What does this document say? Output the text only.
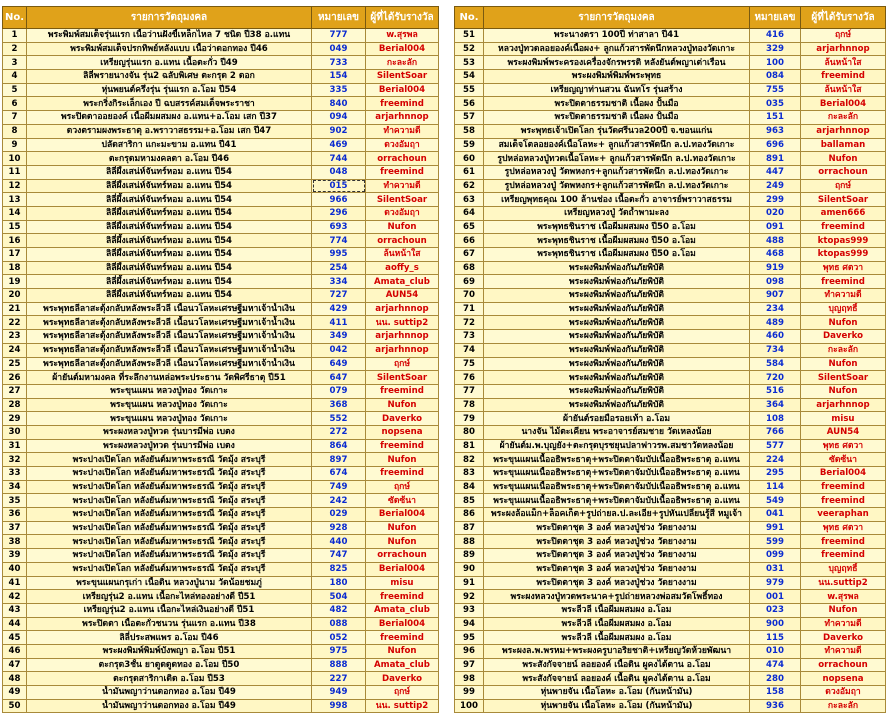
No.	รายการวัตถุมงคล	หมายเลข	ผู้ที่ได้รับรางวัล
1	พระพิมพ์สมเด็จรุ่นแรก เนื้อว่านฝังขี้เหล็กไหล 7 ชนิด ปี38 อ.แทน	777	w.สุรพล
2	พระพิมพ์สมเด็จปรกทิพย์หลังแบบ เนื้อว่าดอกทอง ปี46	049	Berial004
3	เหรียญรุ่นแรก อ.แทน เนื้อตะกั่ว ปี49	733	กะละลัก
4	ลิลี่พรายนางจัน รุ่น2 ฉลับพิเศษ ตะกรุด 2 ดอก	154	SilentSoar
5	หุ่นพยนต์ครึ่งรุ่น รุ่นแรก อ.โอม ปี54	335	Berial004
6	พระกริ่งกิระเล็กเอง ปี ฉบสรรค์สมเด็จพระราชา	840	freemind
7	พระปิดตาออยองค์ เนื้อผีมผสมผง อ.แทน+อ.โอม เสก ปี37	094	arjarhnnop
8	ดวงตรามผงพระธาตุ อ.พราวาสธรรม+อ.โอม เสก ปี47	902	ทำความดี
9	ปลัดสาริกา แกะมะขาม อ.แทน ปี41	469	ดวงอัมฤา
10	ตะกรุดมหามงคลตา อ.โอม ปี46	744	orrachoun
11	ลิลี่ผึ้งเสน่ห์จันทร์หอม อ.แทน ปี54	048	freemind
12	ลิลี่ผึ้งเสน่ห์จันทร์หอม อ.แทน ปี54	015	ทำความดี
13	ลิลี่ผึ้งเสน่ห์จันทร์หอม อ.แทน ปี54	966	SilentSoar
14	ลิลี่ผึ้งเสน่ห์จันทร์หอม อ.แทน ปี54	296	ดวงอัมฤา
15	ลิลี่ผึ้งเสน่ห์จันทร์หอม อ.แทน ปี54	693	Nufon
16	ลิลี่ผึ้งเสน่ห์จันทร์หอม อ.แทน ปี54	774	orrachoun
17	ลิลี่ผึ้งเสน่ห์จันทร์หอม อ.แทน ปี54	995	ล้นหน้าใส
18	ลิลี่ผึ้งเสน่ห์จันทร์หอม อ.แทน ปี54	254	aoffy_s
19	ลิลี่ผึ้งเสน่ห์จันทร์หอม อ.แทน ปี54	334	Amata_club
20	ลิลี่ผึ้งเสน่ห์จันทร์หอม อ.แทน ปี54	727	AUN54
21	พระพุทธลีลาสะดุ้งกลับหลังพระลีวลี เนื้อนวโลหะเศรษฐีมหาเจ้าน้ำเงิน	429	arjarhnnop
22	พระพุทธลีลาสะดุ้งกลับหลังพระลีวลี เนื้อนวโลหะเศรษฐีมหาเจ้าน้ำเงิน	411	นน. suttip2
23	พระพุทธลีลาสะดุ้งกลับหลังพระลีวลี เนื้อนวโลหะเศรษฐีมหาเจ้าน้ำเงิน	349	arjarhnnop
24	พระพุทธลีลาสะดุ้งกลับหลังพระลีวลี เนื้อนวโลหะเศรษฐีมหาเจ้าน้ำเงิน	042	arjarhnnop
25	พระพุทธลีลาสะดุ้งกลับหลังพระลีวลี เนื้อนวโลหะเศรษฐีมหาเจ้าน้ำเงิน	649	ฤกษ์
26	ผ้ายันต์มหามงคล ที่ระลึกงานหล่อพระประธาน วัดพิศรีธาตุ ปี51	647	SilentSoar
27	พระขุนแผน หลวงปู่ทอง วัดเกาะ	079	freemind
28	พระขุนแผน หลวงปู่ทอง วัดเกาะ	368	Nufon
29	พระขุนแผน หลวงปู่ทอง วัดเกาะ	552	Daverko
30	พระผงหลวงปู่ทวด รุ่นบารมีพ่อ เบตง	272	nopsena
31	พระผงหลวงปู่ทวด รุ่นบารมีพ่อ เบตง	864	freemind
32	พระปางเปิดโลก หลังยันต์มหาพระธรณี วัดมุ้ง สระบุรี	897	Nufon
33	พระปางเปิดโลก หลังยันต์มหาพระธรณี วัดมุ้ง สระบุรี	674	freemind
34	พระปางเปิดโลก หลังยันต์มหาพระธรณี วัดมุ้ง สระบุรี	749	ฤกษ์
35	พระปางเปิดโลก หลังยันต์มหาพระธรณี วัดมุ้ง สระบุรี	242	ซัดซ้นา
36	พระปางเปิดโลก หลังยันต์มหาพระธรณี วัดมุ้ง สระบุรี	029	Berial004
37	พระปางเปิดโลก หลังยันต์มหาพระธรณี วัดมุ้ง สระบุรี	928	Nufon
38	พระปางเปิดโลก หลังยันต์มหาพระธรณี วัดมุ้ง สระบุรี	440	Nufon
39	พระปางเปิดโลก หลังยันต์มหาพระธรณี วัดมุ้ง สระบุรี	747	orrachoun
40	พระปางเปิดโลก หลังยันต์มหาพระธรณี วัดมุ้ง สระบุรี	825	Berial004
41	พระขุนแผนกรุเก่า เนื้อดิน หลวงปู่นาม วัดน้อยชมภู่	180	misu
42	เหรียญรุ่น2 อ.แทน เนื้อกะไหล่ทองอย่างดี ปี51	504	freemind
43	เหรียญรุ่น2 อ.แทน เนื้อกะไหล่เงินอย่างดี ปี51	482	Amata_club
44	พระปิดตา เนื้อตะกั่วชนวน รุ่นแรก อ.แทน ปี38	088	Berial004
45	ลิลี่ประสพแพร อ.โอม ปี46	052	freemind
46	พระผงพิมพ์พิมพ์บังพญา อ.โอม ปี51	975	Nufon
47	ตะกรุด3ชั้น ยาดูดดูดทอง อ.โอม ปี50	888	Amata_club
48	ตะกรุดสาริกาเดิด อ.โอม ปี53	227	Daverko
49	น้ำมันพญาว่านดอกทอง อ.โอม ปี49	949	ฤกษ์
50	น้ำมันพญาว่านดอกทอง อ.โอม ปี49	998	นน. suttip2
No.	รายการวัตถุมงคล	หมายเลข	ผู้ที่ได้รับรางวัล
51	พระนางตรา 100ปี ท่าสาลา ปี41	416	ฤกษ์
52	หลวงปู่ทวดลอยองค์เนื้อผง+ ลูกแก้วสารพัดนึกหลวงปู่ทองวัดเกาะ	329	arjarhnnop
53	พระผงพิมพ์พระครองเครื่องจักรพรรดิ หลังยันต์พญาเต่าเรือน	100	ล้นหน้าใส
54	พระผงพิมพ์พิมพ์พระพุทธ	084	freemind
55	เหรียญญาท่านสวน ฉันทโร รุ่นสร้าง	755	ล้นหน้าใส
56	พระปิดตาธรรมชาติ เนื้อผง ปั้นมือ	035	Berial004
57	พระปิดตาธรรมชาติ เนื้อผง ปั้นมือ	151	กะละลัก
58	พระพุทธเจ้าเปิดโลก รุ่นวัดศรีนวล200ปี จ.ขอนแก่น	963	arjarhnnop
59	สมเด็จโตลอยองค์เนื้อโลหะ+ ลูกแก้วสารพัดนึก ล.ป.ทองวัดเกาะ	696	ballaman
60	รูปหล่อหลวงปู่ทวดเนื้อโลหะ+ ลูกแก้วสารพัดนึก ล.ป.ทองวัดเกาะ	891	Nufon
61	รูปหล่อหลวงปู่ วัดพหงกร+ลูกแก้วสารพัดนึก ล.ป.ทองวัดเกาะ	447	orrachoun
62	รูปหล่อหลวงปู่ วัดพหงกร+ลูกแก้วสารพัดนึก ล.ป.ทองวัดเกาะ	249	ฤกษ์
63	เหรียญพุทธคุณ 100 ล้านช่อง เนื้อตะกั่ว อาจารย์พราวาสธรรม	299	SilentSoar
64	เหรียญหลวงปู่ วัดถ้ำพามะลง	020	amen666
65	พระพุทธชินราช เนื้อผีมผสมผง ปี50 อ.โอม	091	freemind
66	พระพุทธชินราช เนื้อผีมผสมผง ปี50 อ.โอม	488	ktopas999
67	พระพุทธชินราช เนื้อผีมผสมผง ปี50 อ.โอม	468	ktopas999
68	พระผงพิมพ์ฟองกันภัยพิบัติ	919	พุทธ ศตวา
69	พระผงพิมพ์ฟองกันภัยพิบัติ	098	freemind
70	พระผงพิมพ์ฟองกันภัยพิบัติ	907	ทำความดี
71	พระผงพิมพ์ฟองกันภัยพิบัติ	234	บุญฤทธิ์
72	พระผงพิมพ์ฟองกันภัยพิบัติ	489	Nufon
73	พระผงพิมพ์ฟองกันภัยพิบัติ	460	Daverko
74	พระผงพิมพ์ฟองกันภัยพิบัติ	734	กะละลัก
75	พระผงพิมพ์ฟองกันภัยพิบัติ	584	Nufon
76	พระผงพิมพ์ฟองกันภัยพิบัติ	720	SilentSoar
77	พระผงพิมพ์ฟองกันภัยพิบัติ	516	Nufon
78	พระผงพิมพ์ฟองกันภัยพิบัติ	364	arjarhnnop
79	ผ้ายันต์รอยมือรอยเท้า อ.โอม	108	misu
80	นางจัน ไม้ตะเคียน พระอาจารย์สมชาย วัดเหลงน้อย	766	AUN54
81	ผ้ายันต์ม.พ.บุญยัง+ตะกรุดบุรชยุนปลาฟาวรพ.สมชาวัดหลงน้อย	577	พุทธ ศตวา
82	พระขุนแผนเนื้ออธิพระธาตุ+พระปิดตาจัมบัปเนื้ออธิพระธาตุ อ.แทน	224	ซัดซ้นา
83	พระขุนแผนเนื้ออธิพระธาตุ+พระปิดตาจัมบัปเนื้ออธิพระธาตุ อ.แทน	295	Berial004
84	พระขุนแผนเนื้ออธิพระธาตุ+พระปิดตาจัมบัปเนื้ออธิพระธาตุ อ.แทน	114	freemind
85	พระขุนแผนเนื้ออธิพระธาตุ+พระปิดตาจัมบัปเนื้ออธิพระธาตุ อ.แทน	549	freemind
86	พระผงล้อแม็ก+ล็อคเก็ต+รูปถ่ายล.ป.ละเอีย+รูปหันเปลี่ยนรู้สี หมูเจ้า	041	veeraphan
87	พระปิดตาชุด 3 องค์ หลวงปู่ช่วง วัดยางงาม	991	พุทธ ศตวา
88	พระปิดตาชุด 3 องค์ หลวงปู่ช่วง วัดยางงาม	599	freemind
89	พระปิดตาชุด 3 องค์ หลวงปู่ช่วง วัดยางงาม	099	freemind
90	พระปิดตาชุด 3 องค์ หลวงปู่ช่วง วัดยางงาม	031	บุญฤทธิ์
91	พระปิดตาชุด 3 องค์ หลวงปู่ช่วง วัดยางงาม	979	นน.suttip2
92	พระผงหลวงปู่ทวดพระนาค+รูปถ่ายหลวงพ่อสมวัดโพธิ์ทอง	001	w.สุรพล
93	พระลีวลี เนื้อผีมผสมผง อ.โอม	023	Nufon
94	พระลีวลี เนื้อผีมผสมผง อ.โอม	900	ทำความดี
95	พระลีวลี เนื้อผีมผสมผง อ.โอม	115	Daverko
96	พระผงล.พ.พรหม+พระผงครูบาอริยชาติ+เหรียญวัดห้วยพัฒนา	010	ทำความดี
97	พระสังกัจจายน์ ลอยองค์ เนื้อดิน ผูคงได้ตาน อ.โอม	474	orrachoun
98	พระสังกัจจายน์ ลอยองค์ เนื้อดิน ผูคงได้ตาน อ.โอม	280	nopsena
99	หุ่นพายจัน เนื้อโลหะ อ.โอม (กันหน้ามัน)	158	ดวงอัมฤา
100	หุ่นพายจัน เนื้อโลหะ อ.โอม (กันหน้ามัน)	936	กะละลัก
